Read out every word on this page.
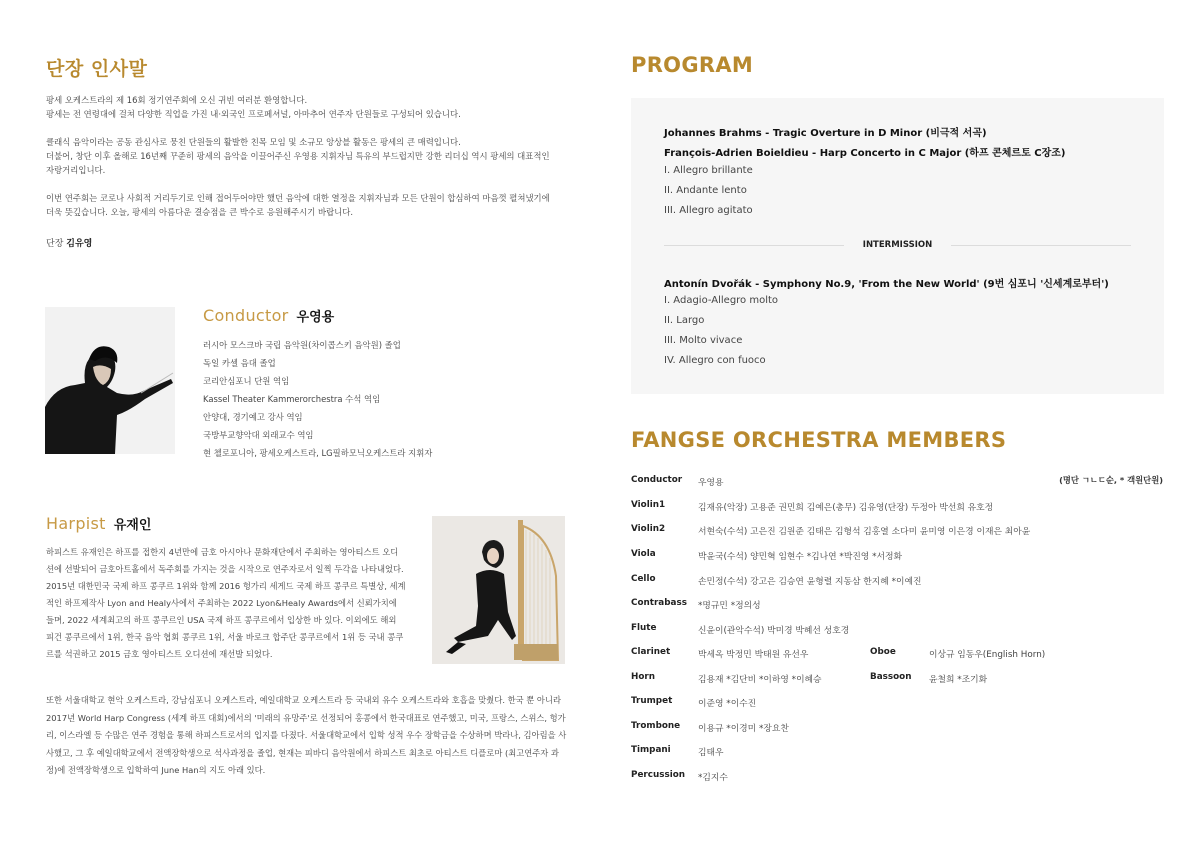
단장 인사말

팡세 오케스트라의 제 16회 정기연주회에 오신 귀빈 여러분 환영합니다.
팡세는 전 연령대에 걸쳐 다양한 직업을 가진 내·외국인 프로페셔널, 아마추어 연주자 단원들로 구성되어 있습니다.

클래식 음악이라는 공동 관심사로 뭉친 단원들의 활발한 친목 모임 및 소규모 앙상블 활동은 팡세의 큰 매력입니다.
더불어, 창단 이후 올해로 16년째 꾸준히 팡세의 음악을 이끌어주신 우영용 지휘자님 특유의 부드럽지만 강한 리더십 역시 팡세의 대표적인
자랑거리입니다.

이번 연주회는 코로나 사회적 거리두기로 인해 접어두어야만 했던 음악에 대한 열정을 지휘자님과 모든 단원이 합심하여 마음껏 펼쳐냈기에
더욱 뜻깊습니다. 오늘, 팡세의 아름다운 결승점을 큰 박수로 응원해주시기 바랍니다.

단장 김유영
Conductor 우영용
러시아 모스크바 국립 음악원(차이콥스키 음악원) 졸업
독일 카셀 음대 졸업
코리안심포니 단원 역임
Kassel Theater Kammerorchestra 수석 역임
안양대, 경기예고 강사 역임
국방부교향악대 외래교수 역임
현 첼로포니아, 팡세오케스트라, LG필하모닉오케스트라 지휘자
Harpist 유재인
하피스트 유재인은 하프를 접한지 4년만에 금호 아시아나 문화재단에서 주최하는 영아티스트 오디션에 선발되어 금호아트홀에서 독주회를 가지는 것을 시작으로 연주자로서 일찍 두각을 나타내었다. 2015년 대한민국 국제 하프 콩쿠르 1위와 함께 2016 헝가리 세게드 국제 하프 콩쿠르 특별상, 세계적인 하프제작사 Lyon and Healy사에서 주최하는 2022 Lyon&Healy Awards에서 신뢰가치에 들며, 2022 세계최고의 하프 콩쿠르인 USA 국제 하프 콩쿠르에서 입상한 바 있다. 이외에도 해외 피건 콩쿠르에서 1위, 한국 음악 협회 콩쿠르 1위, 서울 바로크 합주단 콩쿠르에서 1위 등 국내 콩쿠르를 석권하고 2015 금호 영아티스트 오디션에 재선발 되었다.
또한 서울대학교 현악 오케스트라, 강남심포니 오케스트라, 예일대학교 오케스트라 등 국내외 유수 오케스트라와 호흡을 맞췄다. 한국 뿐 아니라 2017년 World Harp Congress (세계 하프 대회)에서의 '미래의 유망주'로 선정되어 홍콩에서 한국대표로 연주했고, 미국, 프랑스, 스위스, 헝가리, 이스라엘 등 수많은 연주 경험을 통해 하피스트로서의 입지를 다졌다. 서울대학교에서 입학 성적 우수 장학금을 수상하며 박라나, 김아림을 사사했고, 그 후 예일대학교에서 전액장학생으로 석사과정을 졸업, 현재는 피바디 음악원에서 하피스트 최초로 아티스트 디플로마 (최고연주자 과정)에 전액장학생으로 입학하여 June Han의 지도 아래 있다.
PROGRAM
Johannes Brahms - Tragic Overture in D Minor (비극적 서곡)
François-Adrien Boieldieu - Harp Concerto in C Major (하프 콘체르토 C장조)
I. Allegro brillante
II. Andante lento
III. Allegro agitato
INTERMISSION
Antonín Dvořák - Symphony No.9, 'From the New World' (9번 심포니 '신세계로부터')
I. Adagio-Allegro molto
II. Largo
III. Molto vivace
IV. Allegro con fuoco
FANGSE ORCHESTRA MEMBERS
(명단 ㄱㄴㄷ순, * 객원단원)
Conductor 우영용
Violin1	김재유(악장) 고용준 권민희 김예은(총무) 김유영(단장) 두정아 박선희 유호정
Violin2	서현숙(수석) 고은진 김원준 김태은 김형석 김홍열 소다미 윤미영 이은경 이재은 최아윤
Viola	박윤국(수석) 양민혁 임현수 *김나연 *박진영 *서정화
Cello	손민정(수석) 강고은 김승연 윤형렬 지동삼 한지혜 *이예진
Contrabass *명규민 *정의성
Flute	신윤이(관악수석) 박미경 박혜선 성호경
Clarinet	박세옥 박정민 박태원 유선우	Oboe	이상규 임동우(English Horn)
Horn	김용재 *김단비 *이하영 *이혜승	Bassoon 윤철희 *조기화
Trumpet	이준영 *이수진
Trombone 이용규 *이경미 *장요찬
Timpani	김태우
Percussion *김지수
